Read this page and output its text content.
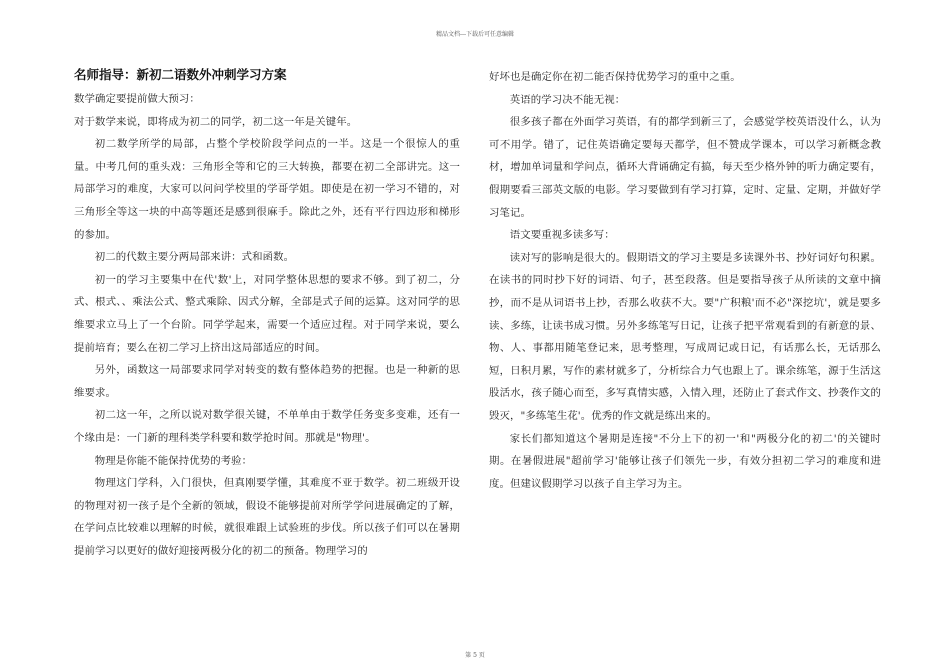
精品文档---下载后可任意编辑
名师指导：新初二语数外冲刺学习方案

数学确定要提前做大预习：

对于数学来说，即将成为初二的同学，初二这一年是关键年。

初二数学所学的局部，占整个学校阶段学问点的一半。这是一个很惊人的重量。中考几何的重头戏：三角形全等和它的三大转换，都要在初二全部讲完。这一局部学习的难度，大家可以问问学校里的学哥学姐。即使是在初一学习不错的，对三角形全等这一块的中高等题还是感到很麻手。除此之外，还有平行四边形和梯形的参加。

初二的代数主要分两局部来讲：式和函数。

初一的学习主要集中在代'数'上，对同学整体思想的要求不够。到了初二，分式、根式、、乘法公式、整式乘除、因式分解，全部是式子间的运算。这对同学的思维要求立马上了一个台阶。同学学起来，需要一个适应过程。对于同学来说，要么提前培育；要么在初二学习上挤出这局部适应的时间。

另外，函数这一局部要求同学对转变的数有整体趋势的把握。也是一种新的思维要求。

初二这一年，之所以说对数学很关键，不单单由于数学任务变多变难，还有一个缘由是：一门新的理科类学科要和数学抢时间。那就是"物理'。

物理是你能不能保持优势的考验：

物理这门学科，入门很快，但真刚要学懂，其难度不亚于数学。初二班级开设的物理对初一孩子是个全新的领域，假设不能够提前对所学学问进展确定的了解，在学问点比较难以理解的时候，就很难跟上试验班的步伐。所以孩子们可以在暑期提前学习以更好的做好迎接两极分化的初二的预备。物理学习的

好坏也是确定你在初二能否保持优势学习的重中之重。

英语的学习决不能无视：

很多孩子都在外面学习英语，有的都学到新三了，会感觉学校英语没什么，认为可不用学。错了，记住英语确定要每天都学，但不赞成学课本，可以学习新概念教材，增加单词量和学问点，循环大背诵确定有搞，每天至少格外钟的听力确定要有，假期要看三部英文版的电影。学习要做到有学习打算，定时、定量、定期，并做好学习笔记。

语文要重视多读多写：

读对写的影响是很大的。假期语文的学习主要是多读课外书、抄好词好句积累。在读书的同时抄下好的词语、句子，甚至段落。但是要指导孩子从所读的文章中摘抄，而不是从词语书上抄，否那么收获不大。要"广积粮'而不必"深挖坑'，就是要多读、多练，让读书成习惯。另外多练笔写日记，让孩子把平常观看到的有新意的景、物、人、事都用随笔登记来，思考整理，写成周记或日记，有话那么长，无话那么短，日积月累，写作的素材就多了，分析综合力气也跟上了。课余练笔，源于生活这股活水，孩子随心而至，多写真情实感，入情入理，还防止了套式作文、抄袭作文的毁灭，"多练笔生花'。优秀的作文就是练出来的。

家长们都知道这个暑期是连接"不分上下的初一'和"两极分化的初二'的关键时期。在暑假进展"超前学习'能够让孩子们领先一步，有效分担初二学习的难度和进度。但建议假期学习以孩子自主学习为主。

第 5 页
